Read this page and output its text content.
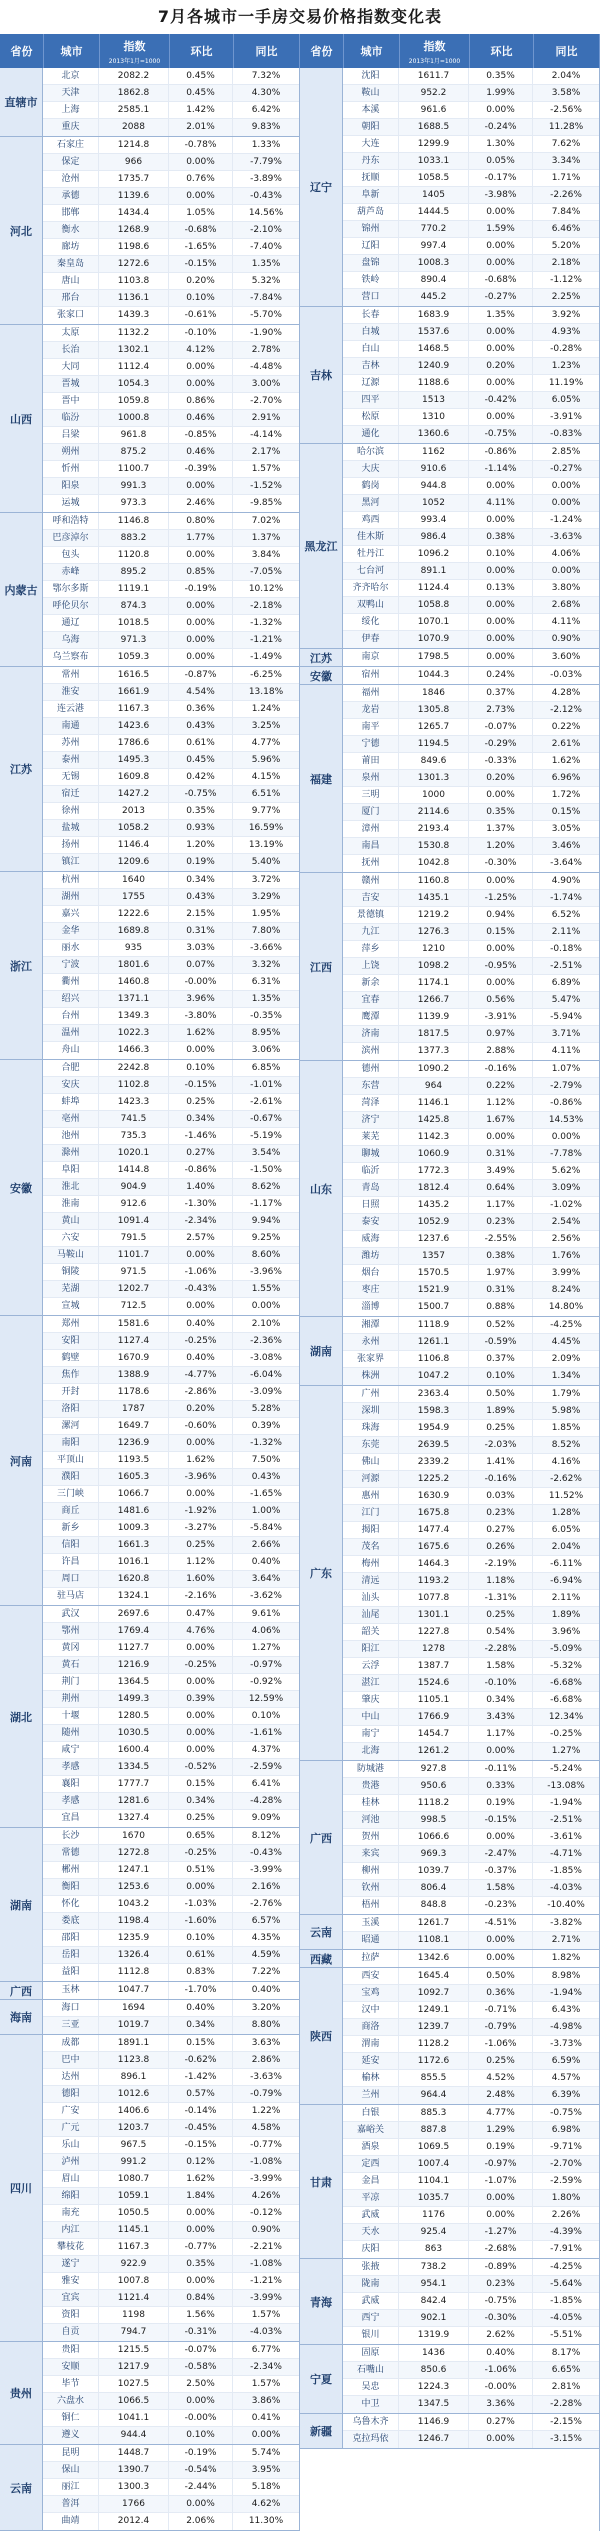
7月各城市一手房交易价格指数变化表
省份	城市	指数
2013年1月=1000
环比	同比	省份	城市	指数
2013年1月=1000
环比	同比
直辖市
北京	2082.2	0.45%	7.32%
天津	1862.8	0.45%	4.30%
上海	2585.1	1.42%	6.42%
重庆	2088	2.01%	9.83%
河北
石家庄	1214.8	-0.78%	1.33%
保定	966	0.00%	-7.79%
沧州	1735.7	0.76%	-3.89%
承德	1139.6	0.00%	-0.43%
邯郸	1434.4	1.05%	14.56%
衡水	1268.9	-0.68%	-2.10%
廊坊	1198.6	-1.65%	-7.40%
秦皇岛	1272.6	-0.15%	1.35%
唐山	1103.8	0.20%	5.32%
邢台	1136.1	0.10%	-7.84%
张家口	1439.3	-0.61%	-5.70%
山西
太原	1132.2	-0.10%	-1.90%
长治	1302.1	4.12%	2.78%
大同	1112.4	0.00%	-4.48%
晋城	1054.3	0.00%	3.00%
晋中	1059.8	0.86%	-2.70%
临汾	1000.8	0.46%	2.91%
吕梁	961.8	-0.85%	-4.14%
朔州	875.2	0.46%	2.17%
忻州	1100.7	-0.39%	1.57%
阳泉	991.3	0.00%	-1.52%
运城	973.3	2.46%	-9.85%
内蒙古
呼和浩特	1146.8	0.80%	7.02%
巴彦淖尔	883.2	1.77%	1.37%
包头	1120.8	0.00%	3.84%
赤峰	895.2	0.85%	-7.05%
鄂尔多斯	1119.1	-0.19%	10.12%
呼伦贝尔	874.3	0.00%	-2.18%
通辽	1018.5	0.00%	-1.32%
乌海	971.3	0.00%	-1.21%
乌兰察布	1059.3	0.00%	-1.49%
江苏
常州	1616.5	-0.87%	-6.25%
淮安	1661.9	4.54%	13.18%
连云港	1167.3	0.36%	1.24%
南通	1423.6	0.43%	3.25%
苏州	1786.6	0.61%	4.77%
泰州	1495.3	0.45%	5.96%
无锡	1609.8	0.42%	4.15%
宿迁	1427.2	-0.75%	6.51%
徐州	2013	0.35%	9.77%
盐城	1058.2	0.93%	16.59%
扬州	1146.4	1.20%	13.19%
镇江	1209.6	0.19%	5.40%
浙江
杭州	1640	0.34%	3.72%
湖州	1755	0.43%	3.29%
嘉兴	1222.6	2.15%	1.95%
金华	1689.8	0.31%	7.80%
丽水	935	3.03%	-3.66%
宁波	1801.6	0.07%	3.32%
衢州	1460.8	-0.00%	6.31%
绍兴	1371.1	3.96%	1.35%
台州	1349.3	-3.80%	-0.35%
温州	1022.3	1.62%	8.95%
舟山	1466.3	0.00%	3.06%
安徽
合肥	2242.8	0.10%	6.85%
安庆	1102.8	-0.15%	-1.01%
蚌埠	1423.3	0.25%	-2.61%
亳州	741.5	0.34%	-0.67%
池州	735.3	-1.46%	-5.19%
滁州	1020.1	0.27%	3.54%
阜阳	1414.8	-0.86%	-1.50%
淮北	904.9	1.40%	8.62%
淮南	912.6	-1.30%	-1.17%
黄山	1091.4	-2.34%	9.94%
六安	791.5	2.57%	9.25%
马鞍山	1101.7	0.00%	8.60%
铜陵	971.5	-1.06%	-3.96%
芜湖	1202.7	-0.43%	1.55%
宣城	712.5	0.00%	0.00%
河南
郑州	1581.6	0.40%	2.10%
安阳	1127.4	-0.25%	-2.36%
鹤壁	1670.9	0.40%	-3.08%
焦作	1388.9	-4.77%	-6.04%
开封	1178.6	-2.86%	-3.09%
洛阳	1787	0.20%	5.28%
漯河	1649.7	-0.60%	0.39%
南阳	1236.9	0.00%	-1.32%
平顶山	1193.5	1.62%	7.50%
濮阳	1605.3	-3.96%	0.43%
三门峡	1066.7	0.00%	-1.65%
商丘	1481.6	-1.92%	1.00%
新乡	1009.3	-3.27%	-5.84%
信阳	1661.3	0.25%	2.66%
许昌	1016.1	1.12%	0.40%
周口	1620.8	1.60%	3.64%
驻马店	1324.1	-2.16%	-3.62%
湖北
武汉	2697.6	0.47%	9.61%
鄂州	1769.4	4.76%	4.06%
黄冈	1127.7	0.00%	1.27%
黄石	1216.9	-0.25%	-0.97%
荆门	1364.5	0.00%	-0.92%
荆州	1499.3	0.39%	12.59%
十堰	1280.5	0.00%	0.10%
随州	1030.5	0.00%	-1.61%
咸宁	1600.4	0.00%	4.37%
孝感	1334.5	-0.52%	-2.59%
襄阳	1777.7	0.15%	6.41%
孝感	1281.6	0.34%	-4.28%
宜昌	1327.4	0.25%	9.09%
湖南
长沙	1670	0.65%	8.12%
常德	1272.8	-0.25%	-0.43%
郴州	1247.1	0.51%	-3.99%
衡阳	1253.6	0.00%	2.16%
怀化	1043.2	-1.03%	-2.76%
娄底	1198.4	-1.60%	6.57%
邵阳	1235.9	0.10%	4.35%
岳阳	1326.4	0.61%	4.59%
益阳	1112.8	0.83%	7.22%
广西	玉林	1047.7	-1.70%	0.40%
海南
海口	1694	0.40%	3.20%
三亚	1019.7	0.34%	8.80%
四川
成都	1891.1	0.15%	3.63%
巴中	1123.8	-0.62%	2.86%
达州	896.1	-1.42%	-3.63%
德阳	1012.6	0.57%	-0.79%
广安	1406.6	-0.14%	1.22%
广元	1203.7	-0.45%	4.58%
乐山	967.5	-0.15%	-0.77%
泸州	991.2	0.12%	-1.08%
眉山	1080.7	1.62%	-3.99%
绵阳	1059.1	1.84%	4.26%
南充	1050.5	0.00%	-0.12%
内江	1145.1	0.00%	0.90%
攀枝花	1167.3	-0.77%	-2.21%
遂宁	922.9	0.35%	-1.08%
雅安	1007.8	0.00%	-1.21%
宜宾	1121.4	0.84%	-3.99%
资阳	1198	1.56%	1.57%
自贡	794.7	-0.31%	-4.03%
贵州
贵阳	1215.5	-0.07%	6.77%
安顺	1217.9	-0.58%	-2.34%
毕节	1027.5	2.50%	1.57%
六盘水	1066.5	0.00%	3.86%
铜仁	1041.1	-0.00%	0.41%
遵义	944.4	0.10%	0.00%
云南
昆明	1448.7	-0.19%	5.74%
保山	1390.7	-0.54%	3.95%
丽江	1300.3	-2.44%	5.18%
普洱	1766	0.00%	4.62%
曲靖	2012.4	2.06%	11.30%
辽宁
沈阳	1611.7	0.35%	2.04%
鞍山	952.2	1.99%	3.58%
本溪	961.6	0.00%	-2.56%
朝阳	1688.5	-0.24%	11.28%
大连	1299.9	1.30%	7.62%
丹东	1033.1	0.05%	3.34%
抚顺	1058.5	-0.17%	1.71%
阜新	1405	-3.98%	-2.26%
葫芦岛	1444.5	0.00%	7.84%
锦州	770.2	1.59%	6.46%
辽阳	997.4	0.00%	5.20%
盘锦	1008.3	0.00%	2.18%
铁岭	890.4	-0.68%	-1.12%
营口	445.2	-0.27%	2.25%
吉林
长春	1683.9	1.35%	3.92%
白城	1537.6	0.00%	4.93%
白山	1468.5	0.00%	-0.28%
吉林	1240.9	0.20%	1.23%
辽源	1188.6	0.00%	11.19%
四平	1513	-0.42%	6.05%
松原	1310	0.00%	-3.91%
通化	1360.6	-0.75%	-0.83%
黑龙江
哈尔滨	1162	-0.86%	2.85%
大庆	910.6	-1.14%	-0.27%
鹤岗	944.8	0.00%	0.00%
黑河	1052	4.11%	0.00%
鸡西	993.4	0.00%	-1.24%
佳木斯	986.4	0.38%	-3.63%
牡丹江	1096.2	0.10%	4.06%
七台河	891.1	0.00%	0.00%
齐齐哈尔	1124.4	0.13%	3.80%
双鸭山	1058.8	0.00%	2.68%
绥化	1070.1	0.00%	4.11%
伊春	1070.9	0.00%	0.90%
江苏	南京	1798.5	0.00%	3.60%
安徽	宿州	1044.3	0.24%	-0.03%
福建
福州	1846	0.37%	4.28%
龙岩	1305.8	2.73%	-2.12%
南平	1265.7	-0.07%	0.22%
宁德	1194.5	-0.29%	2.61%
莆田	849.6	-0.33%	1.62%
泉州	1301.3	0.20%	6.96%
三明	1000	0.00%	1.72%
厦门	2114.6	0.35%	0.15%
漳州	2193.4	1.37%	3.05%
南昌	1530.8	1.20%	3.46%
抚州	1042.8	-0.30%	-3.64%
江西
赣州	1160.8	0.00%	4.90%
吉安	1435.1	-1.25%	-1.74%
景德镇	1219.2	0.94%	6.52%
九江	1276.3	0.15%	2.11%
萍乡	1210	0.00%	-0.18%
上饶	1098.2	-0.95%	-2.51%
新余	1174.1	0.00%	6.89%
宜春	1266.7	0.56%	5.47%
鹰潭	1139.9	-3.91%	-5.94%
济南	1817.5	0.97%	3.71%
滨州	1377.3	2.88%	4.11%
山东
德州	1090.2	-0.16%	1.07%
东营	964	0.22%	-2.79%
菏泽	1146.1	1.12%	-0.86%
济宁	1425.8	1.67%	14.53%
莱芜	1142.3	0.00%	0.00%
聊城	1060.9	0.31%	-7.78%
临沂	1772.3	3.49%	5.62%
青岛	1812.4	0.64%	3.09%
日照	1435.2	1.17%	-1.02%
泰安	1052.9	0.23%	2.54%
威海	1237.6	-2.55%	2.56%
潍坊	1357	0.38%	1.76%
烟台	1570.5	1.97%	3.99%
枣庄	1521.9	0.31%	8.24%
淄博	1500.7	0.88%	14.80%
湖南
湘潭	1118.9	0.52%	-4.25%
永州	1261.1	-0.59%	4.45%
张家界	1106.8	0.37%	2.09%
株洲	1047.2	0.10%	1.34%
广东
广州	2363.4	0.50%	1.79%
深圳	1598.3	1.89%	5.98%
珠海	1954.9	0.25%	1.85%
东莞	2639.5	-2.03%	8.52%
佛山	2339.2	1.41%	4.16%
河源	1225.2	-0.16%	-2.62%
惠州	1630.9	0.03%	11.52%
江门	1675.8	0.23%	1.28%
揭阳	1477.4	0.27%	6.05%
茂名	1675.6	0.26%	2.04%
梅州	1464.3	-2.19%	-6.11%
清远	1193.2	1.18%	-6.94%
汕头	1077.8	-1.31%	2.11%
汕尾	1301.1	0.25%	1.89%
韶关	1227.8	0.54%	3.96%
阳江	1278	-2.28%	-5.09%
云浮	1387.7	1.58%	-5.32%
湛江	1524.6	-0.10%	-6.68%
肇庆	1105.1	0.34%	-6.68%
中山	1766.9	3.43%	12.34%
南宁	1454.7	1.17%	-0.25%
北海	1261.2	0.00%	1.27%
广西
防城港	927.8	-0.11%	-5.24%
贵港	950.6	0.33%	-13.08%
桂林	1118.2	0.19%	-1.94%
河池	998.5	-0.15%	-2.51%
贺州	1066.6	0.00%	-3.61%
来宾	969.3	-2.47%	-4.71%
柳州	1039.7	-0.37%	-1.85%
钦州	806.4	1.58%	-4.03%
梧州	848.8	-0.23%	-10.40%
云南
玉溪	1261.7	-4.51%	-3.82%
昭通	1108.1	0.00%	2.71%
西藏	拉萨	1342.6	0.00%	1.82%
陕西
西安	1645.4	0.50%	8.98%
宝鸡	1092.7	0.36%	-1.94%
汉中	1249.1	-0.71%	6.43%
商洛	1239.7	-0.79%	-4.98%
渭南	1128.2	-1.06%	-3.73%
延安	1172.6	0.25%	6.59%
榆林	855.5	4.52%	4.57%
兰州	964.4	2.48%	6.39%
甘肃
白银	885.3	4.77%	-0.75%
嘉峪关	887.8	1.29%	6.98%
酒泉	1069.5	0.19%	-9.71%
定西	1007.4	-0.97%	-2.70%
金昌	1104.1	-1.07%	-2.59%
平凉	1035.7	0.00%	1.80%
武威	1176	0.00%	2.26%
天水	925.4	-1.27%	-4.39%
庆阳	863	-2.68%	-7.91%
青海
张掖	738.2	-0.89%	-4.25%
陇南	954.1	0.23%	-5.64%
武威	842.4	-0.75%	-1.85%
西宁	902.1	-0.30%	-4.05%
银川	1319.9	2.62%	-5.51%
宁夏
固原	1436	0.40%	8.17%
石嘴山	850.6	-1.06%	6.65%
吴忠	1224.3	-0.00%	2.81%
中卫	1347.5	3.36%	-2.28%
新疆
乌鲁木齐	1146.9	0.27%	-2.15%
克拉玛依	1246.7	0.00%	-3.15%
